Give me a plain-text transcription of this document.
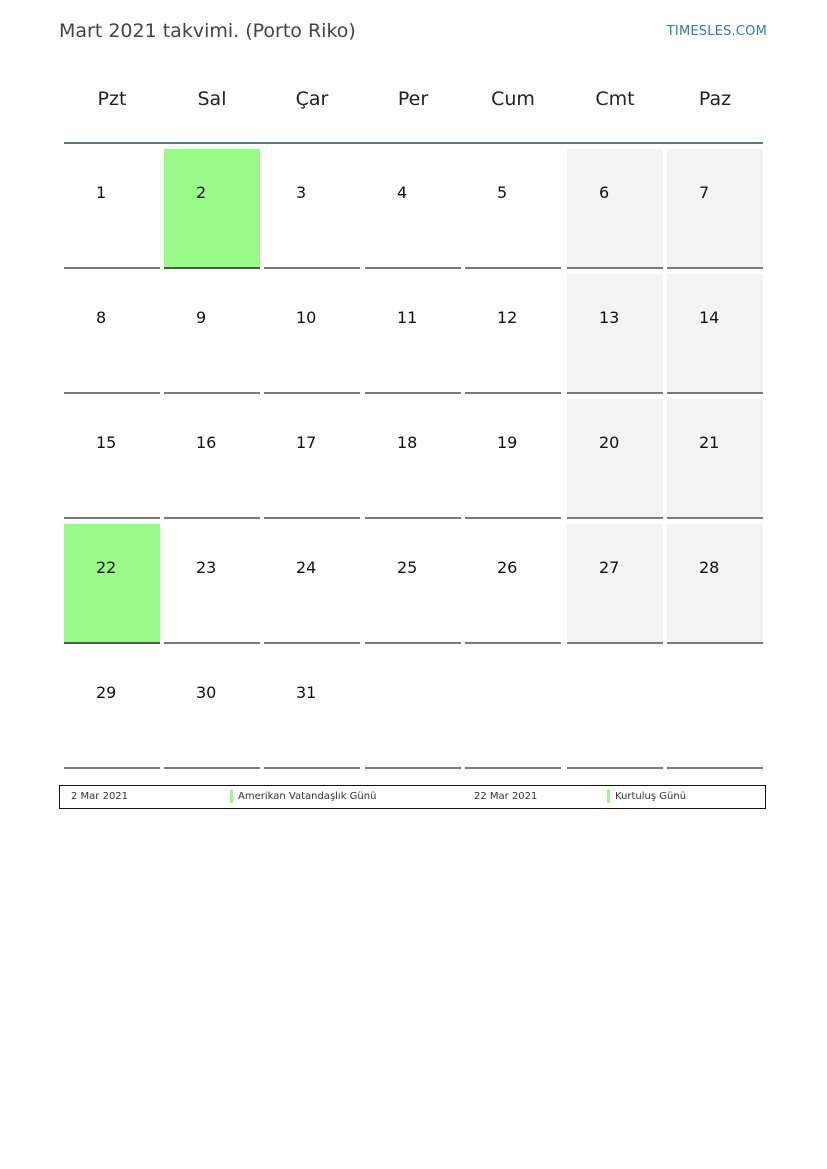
Mart 2021 takvimi. (Porto Riko)	TIMESLES.COM
Pzt	Sal	Çar	Per	Cum	Cmt	Paz
1	2	3	4	5	6	7
8	9	10	11	12	13	14
15	16	17	18	19	20	21
22	23	24	25	26	27	28
29	30	31
2 Mar 2021	Amerikan Vatandaşlık Günü	22 Mar 2021	Kurtuluş Günü
